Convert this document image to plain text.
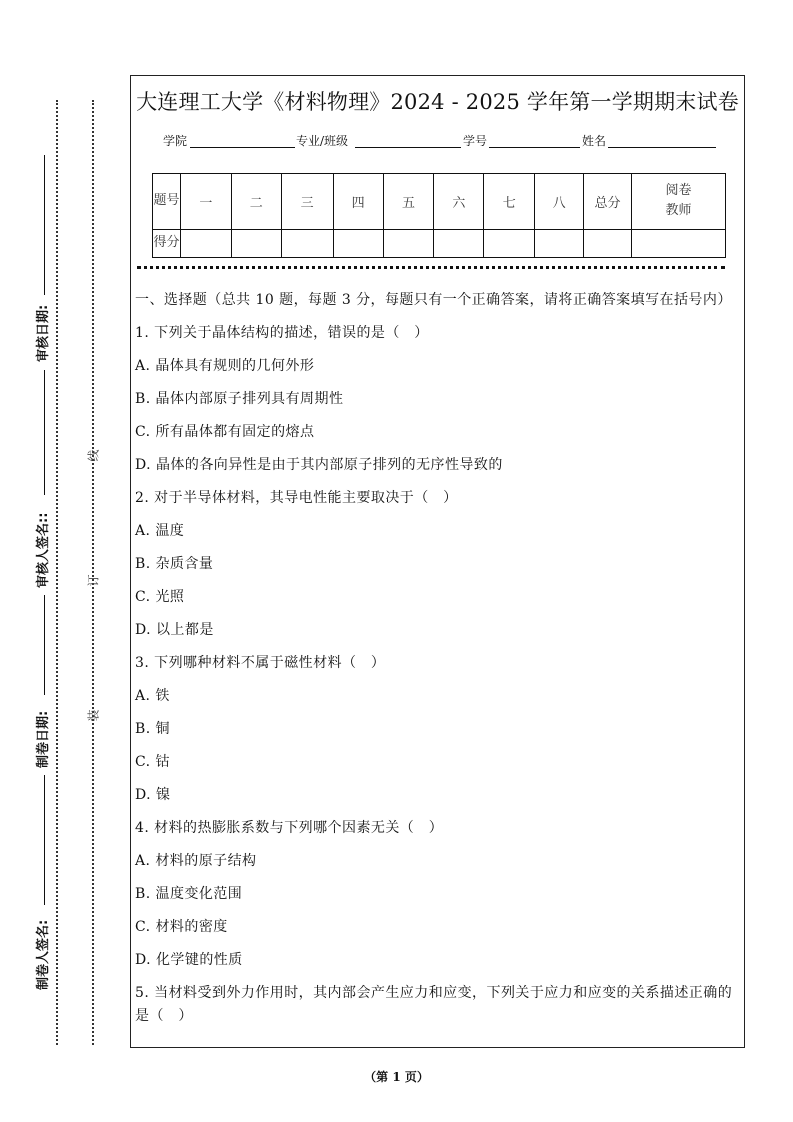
审核日期:
审核人签名::
制卷日期:
制卷人签名:
线
订
装
大连理工大学《材料物理》2024 - 2025 学年第一学期期末试卷
学院	专业/班级	学号	姓名
题号	一	二	三	四	五	六	七	八	总分	阅卷教师
得分										

一、选择题（总共 10 题，每题 3 分，每题只有一个正确答案，请将正确答案填写在括号内）

1. 下列关于晶体结构的描述，错误的是（　）

A. 晶体具有规则的几何外形

B. 晶体内部原子排列具有周期性

C. 所有晶体都有固定的熔点

D. 晶体的各向异性是由于其内部原子排列的无序性导致的

2. 对于半导体材料，其导电性能主要取决于（　）

A. 温度

B. 杂质含量

C. 光照

D. 以上都是

3. 下列哪种材料不属于磁性材料（　）

A. 铁

B. 铜

C. 钴

D. 镍

4. 材料的热膨胀系数与下列哪个因素无关（　）

A. 材料的原子结构

B. 温度变化范围

C. 材料的密度

D. 化学键的性质

5. 当材料受到外力作用时，其内部会产生应力和应变，下列关于应力和应变的关系描述正确的是（　）

（第 1 页）
